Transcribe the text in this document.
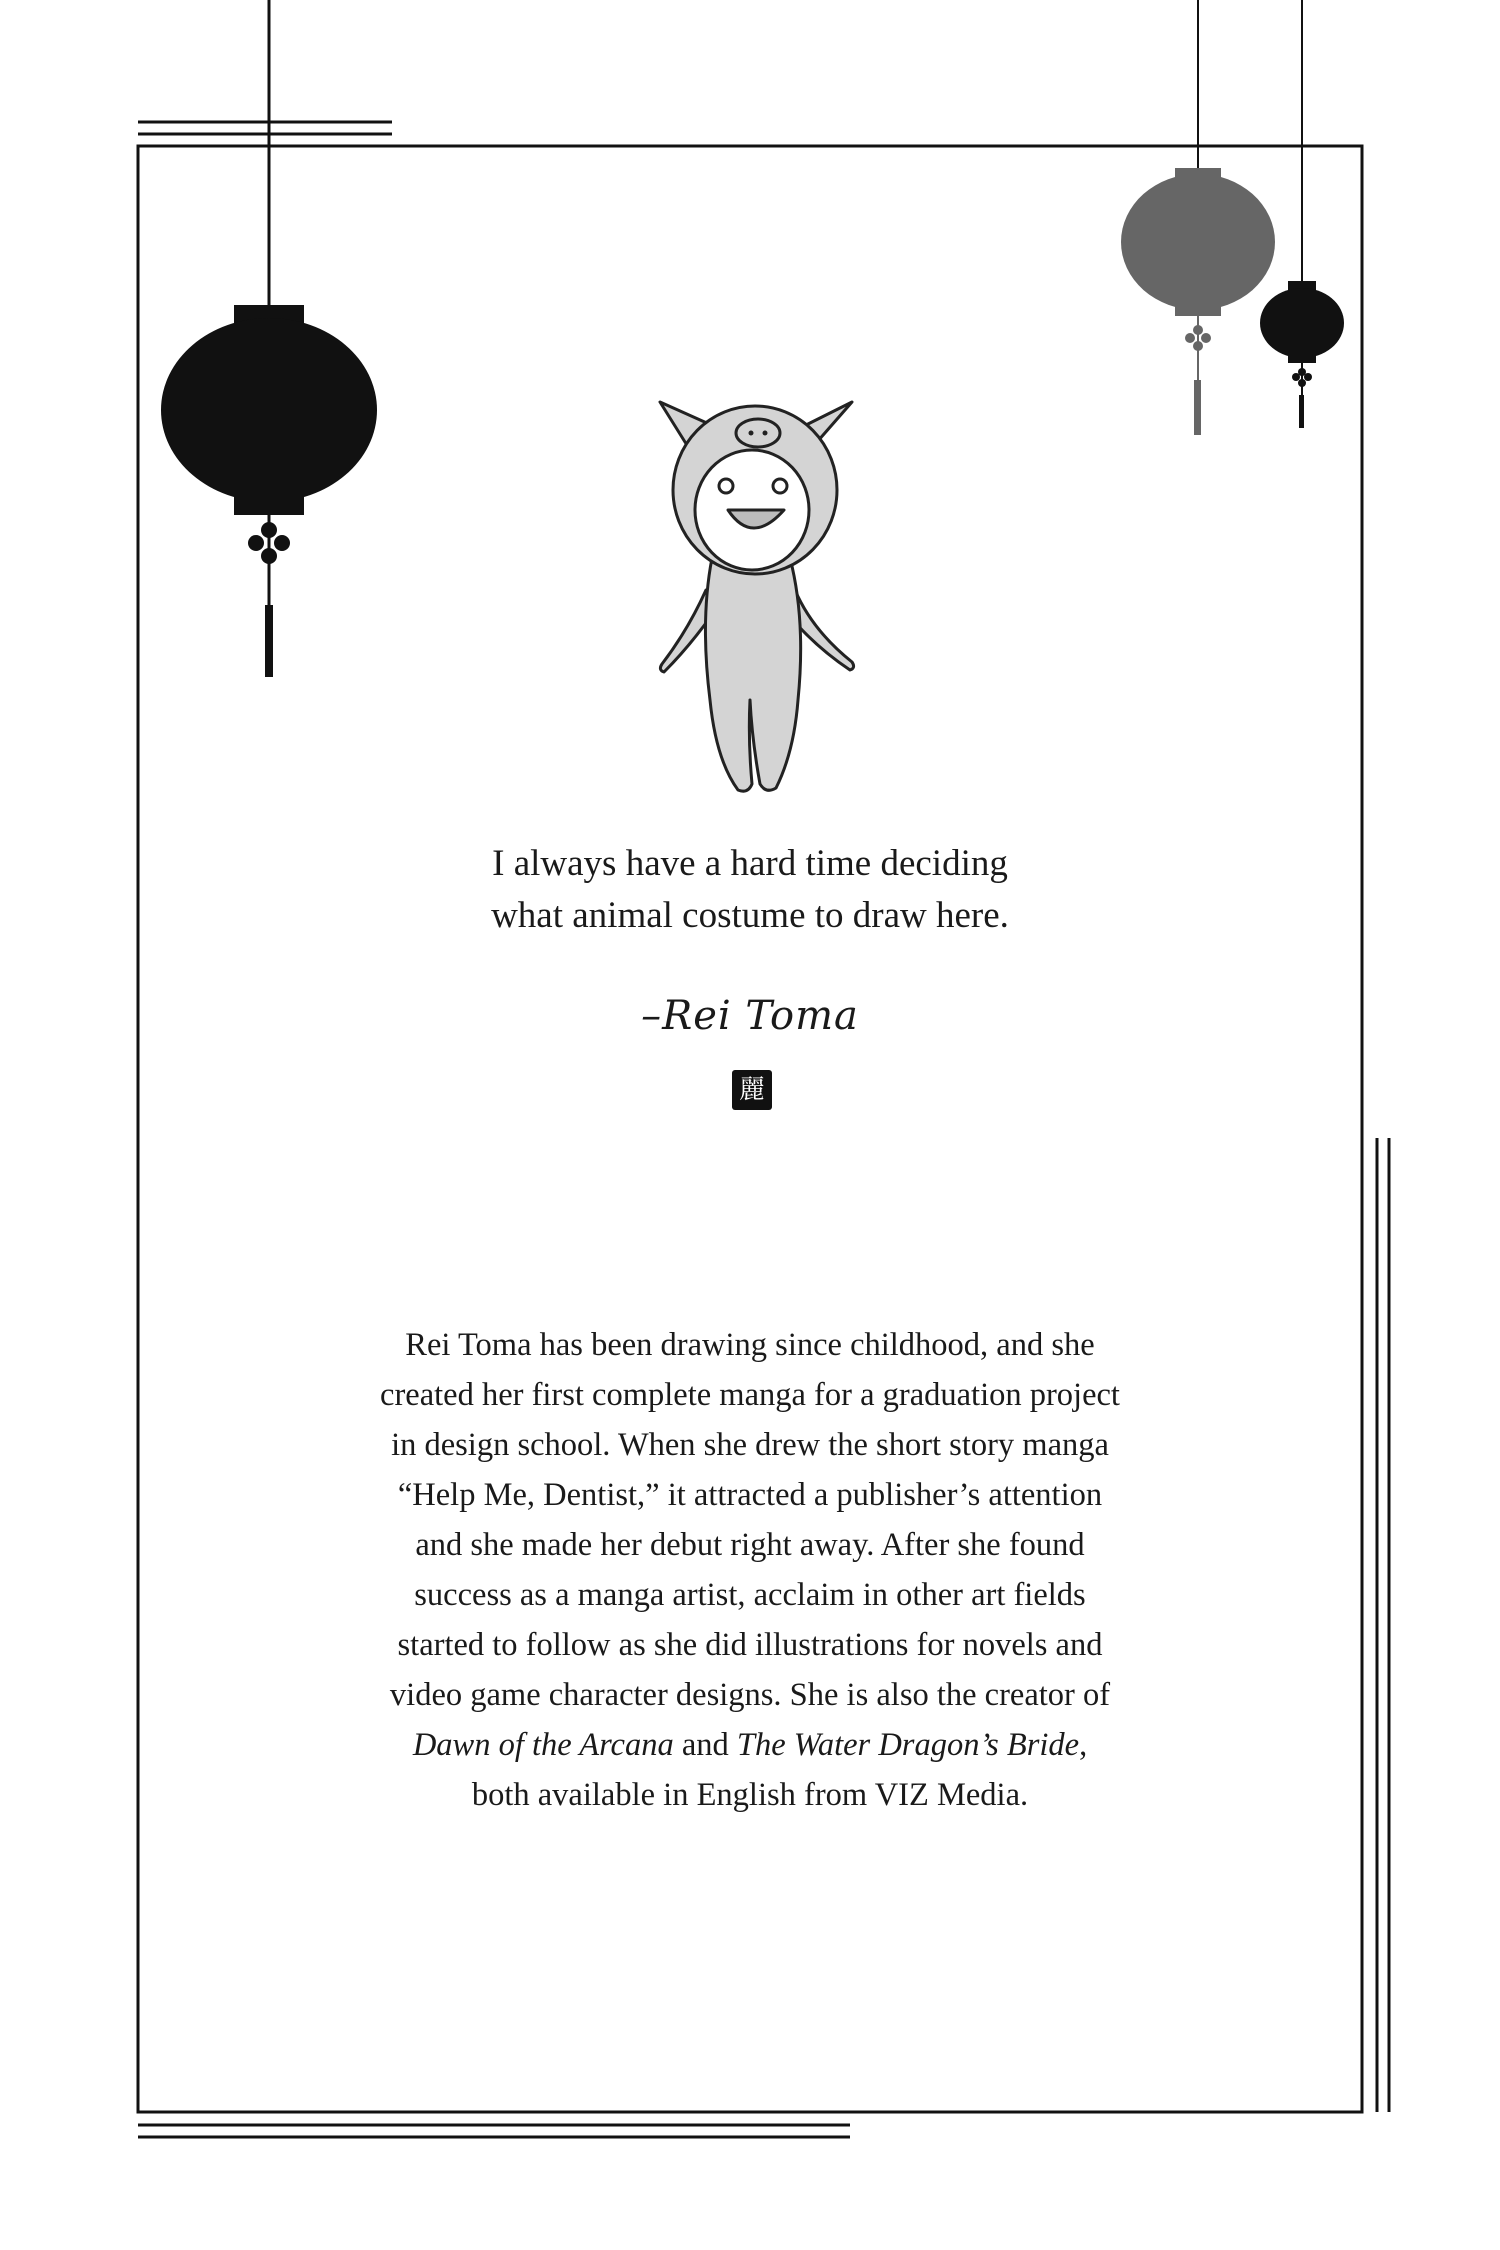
I always have a hard time deciding
what animal costume to draw here.
–Rei Toma
麗
Rei Toma has been drawing since childhood, and she
created her first complete manga for a graduation project
in design school. When she drew the short story manga
“Help Me, Dentist,” it attracted a publisher’s attention
and she made her debut right away. After she found
success as a manga artist, acclaim in other art fields
started to follow as she did illustrations for novels and
video game character designs. She is also the creator of
Dawn of the Arcana and The Water Dragon’s Bride,
both available in English from VIZ Media.
